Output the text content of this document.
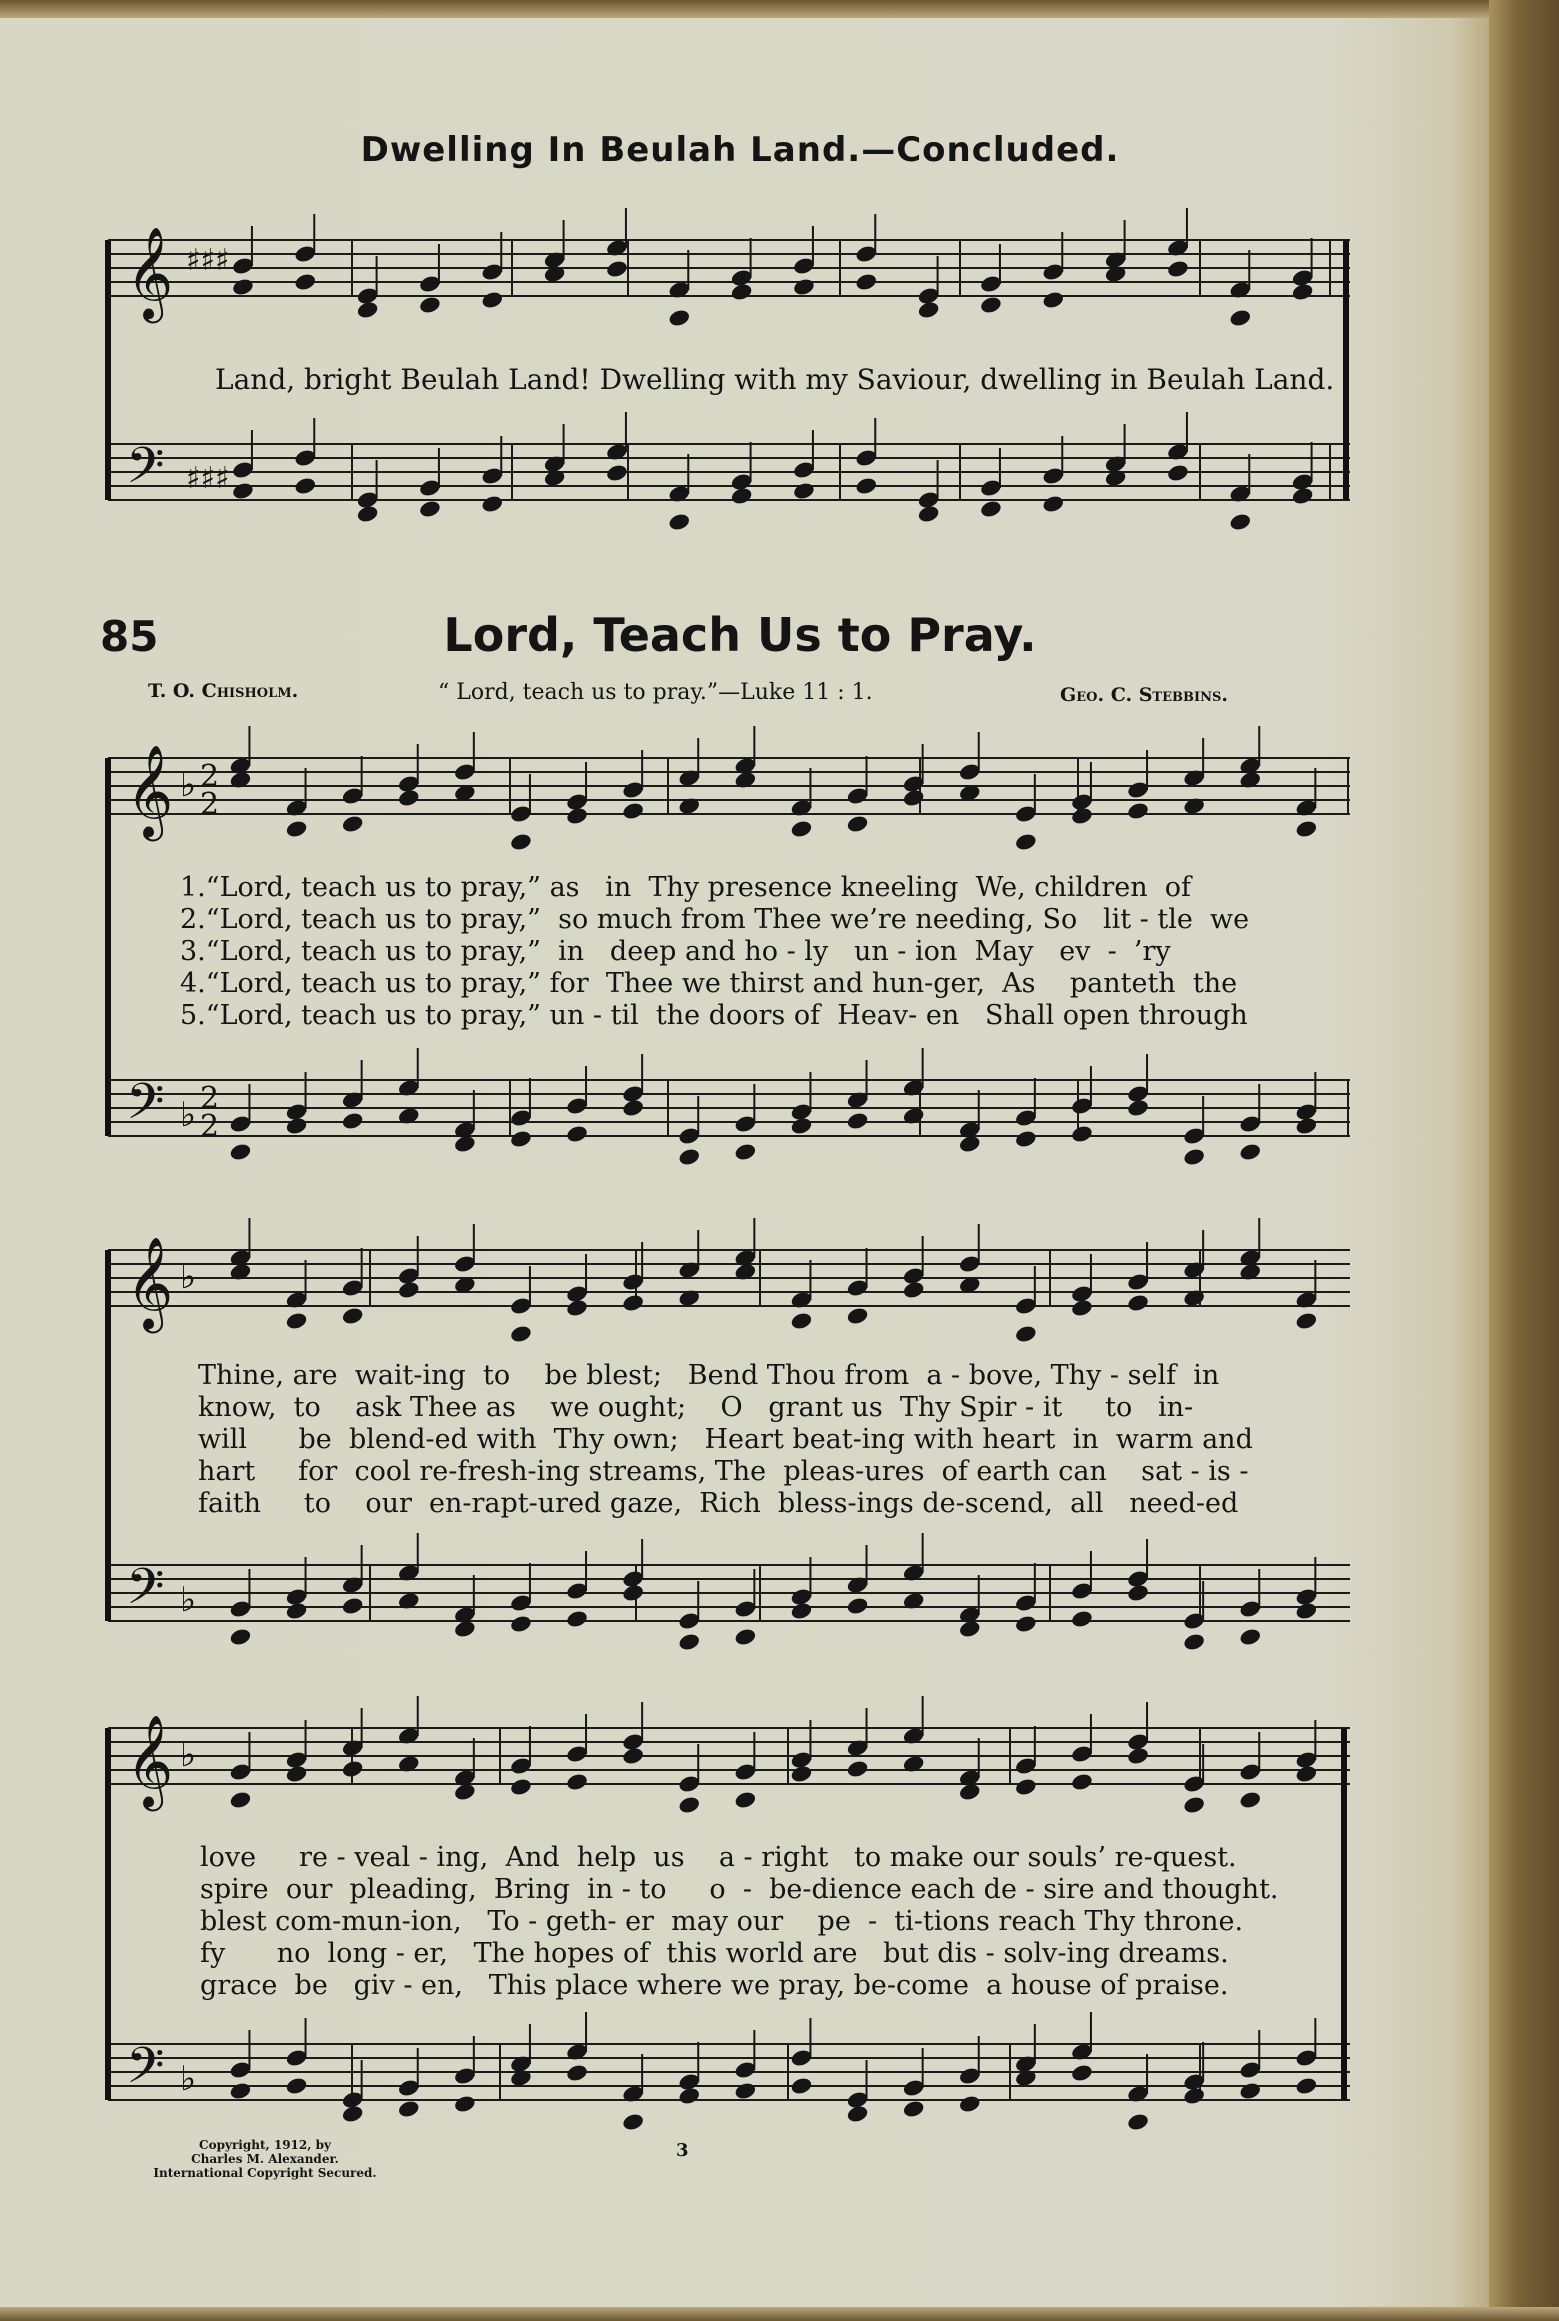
Dwelling In Beulah Land.—Concluded.
𝄞
𝄢
♯♯♯
♯♯♯
𝄞
𝄢
♭
♭
2
2
2
2
𝄞
𝄢
♭
♭
𝄞
𝄢
♭
♭
Land, bright Beulah Land! Dwelling with my Saviour, dwelling in Beulah Land.
85	Lord, Teach Us to Pray.
T. O. Chisholm.	“ Lord, teach us to pray.”—Luke 11 : 1.	Geo. C. Stebbins.
1.“Lord, teach us to pray,” as   in  Thy presence kneeling  We, children  of
2.“Lord, teach us to pray,”  so much from Thee we’re needing, So   lit - tle  we
3.“Lord, teach us to pray,”  in   deep and ho - ly   un - ion  May   ev  -  ’ry
4.“Lord, teach us to pray,” for  Thee we thirst and hun-ger,  As    panteth  the
5.“Lord, teach us to pray,” un - til  the doors of  Heav- en   Shall open through
Thine, are  wait-ing  to    be blest;   Bend Thou from  a - bove, Thy - self  in
know,  to    ask Thee as    we ought;    O   grant us  Thy Spir - it     to   in-
will      be  blend-ed with  Thy own;   Heart beat-ing with heart  in  warm and
hart     for  cool re-fresh-ing streams, The  pleas-ures  of earth can    sat - is -
faith     to    our  en-rapt-ured gaze,  Rich  bless-ings de-scend,  all   need-ed
love     re - veal - ing,  And  help  us    a - right   to make our souls’ re-quest.
spire  our  pleading,  Bring  in - to     o  -  be-dience each de - sire and thought.
blest com-mun-ion,   To - geth- er  may our    pe  -  ti-tions reach Thy throne.
fy      no  long - er,   The hopes of  this world are   but dis - solv-ing dreams.
grace  be   giv - en,   This place where we pray, be-come  a house of praise.
Copyright, 1912, by
Charles M. Alexander.
International Copyright Secured.
3
